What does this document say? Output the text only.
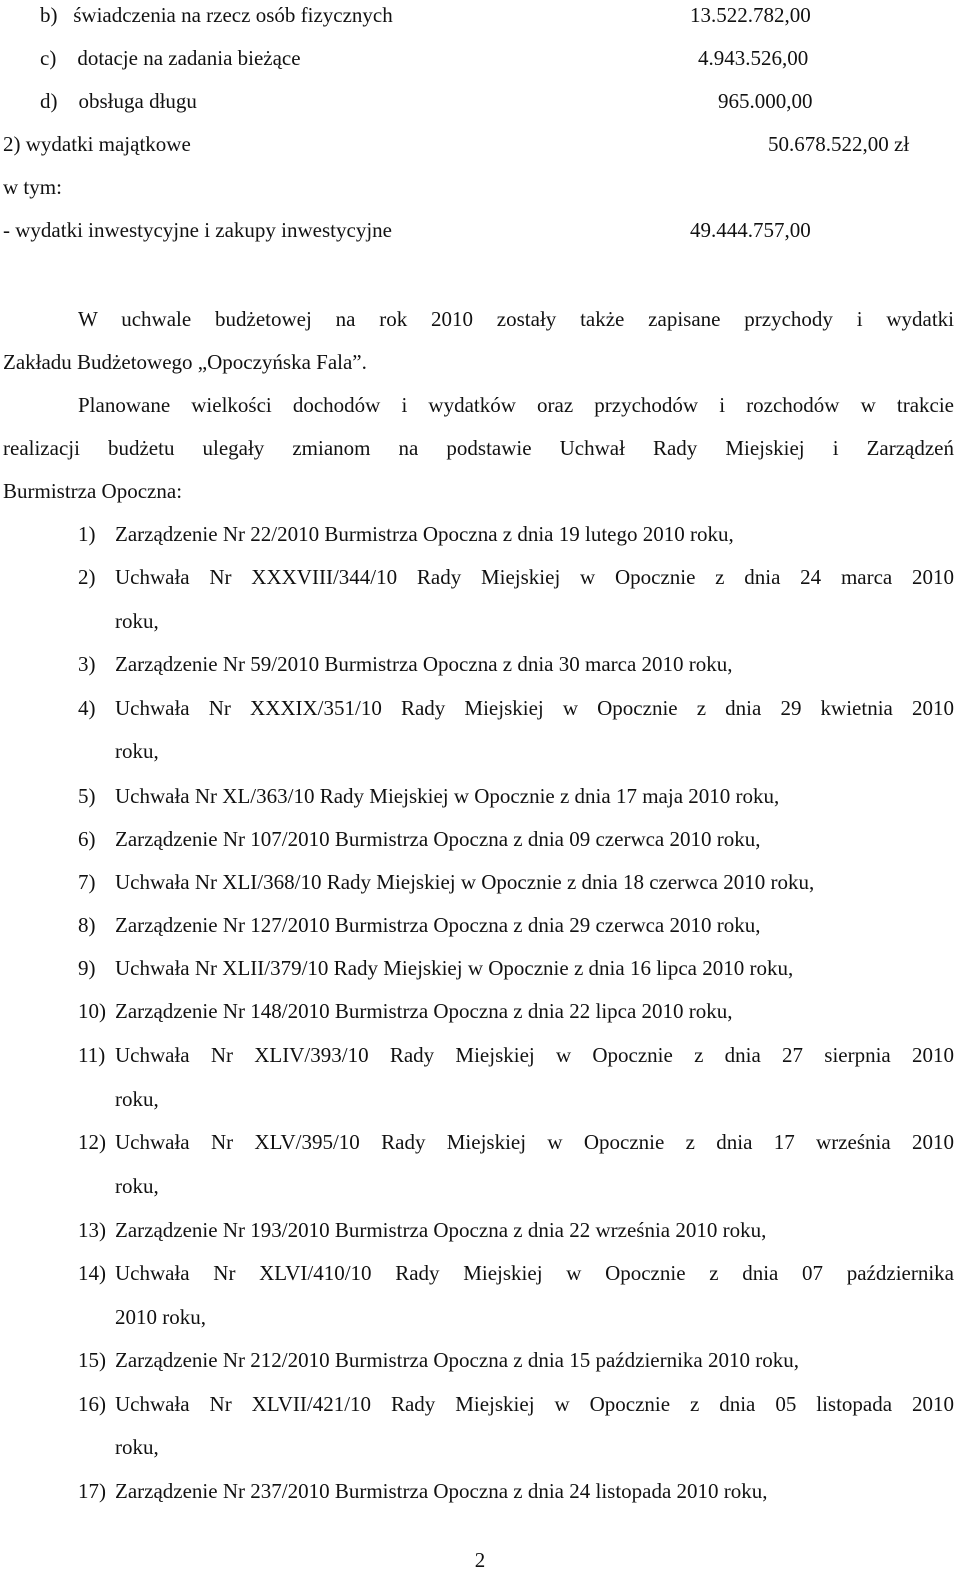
b)   świadczenia na rzecz osób fizycznych	13.522.782,00
c)    dotacje na zadania bieżące	4.943.526,00
d)    obsługa długu	965.000,00
2) wydatki majątkowe	50.678.522,00 zł
w tym:
- wydatki inwestycyjne i zakupy inwestycyjne	49.444.757,00
W uchwale budżetowej na rok 2010 zostały także zapisane przychody i wydatki
Zakładu Budżetowego „Opoczyńska Fala”.
Planowane wielkości dochodów i wydatków oraz przychodów i rozchodów w trakcie
realizacji budżetu ulegały zmianom na podstawie Uchwał Rady Miejskiej i Zarządzeń
Burmistrza Opoczna:
1) Zarządzenie Nr 22/2010 Burmistrza Opoczna z dnia 19 lutego 2010 roku,
2) Uchwała Nr XXXVIII/344/10 Rady Miejskiej w Opocznie z dnia 24 marca 2010
roku,
3) Zarządzenie Nr 59/2010 Burmistrza Opoczna z dnia 30 marca 2010 roku,
4) Uchwała Nr XXXIX/351/10 Rady Miejskiej w Opocznie z dnia 29 kwietnia 2010
roku,
5) Uchwała Nr XL/363/10 Rady Miejskiej w Opocznie z dnia 17 maja 2010 roku,
6) Zarządzenie Nr 107/2010 Burmistrza Opoczna z dnia 09 czerwca 2010 roku,
7) Uchwała Nr XLI/368/10 Rady Miejskiej w Opocznie z dnia 18 czerwca 2010 roku,
8) Zarządzenie Nr 127/2010 Burmistrza Opoczna z dnia 29 czerwca 2010 roku,
9) Uchwała Nr XLII/379/10 Rady Miejskiej w Opocznie z dnia 16 lipca 2010 roku,
10) Zarządzenie Nr 148/2010 Burmistrza Opoczna z dnia 22 lipca 2010 roku,
11) Uchwała Nr XLIV/393/10 Rady Miejskiej w Opocznie z dnia 27 sierpnia 2010
roku,
12) Uchwała Nr XLV/395/10 Rady Miejskiej w Opocznie z dnia 17 września 2010
roku,
13) Zarządzenie Nr 193/2010 Burmistrza Opoczna z dnia 22 września 2010 roku,
14) Uchwała Nr XLVI/410/10 Rady Miejskiej w Opocznie z dnia 07 października
2010 roku,
15) Zarządzenie Nr 212/2010 Burmistrza Opoczna z dnia 15 października 2010 roku,
16) Uchwała Nr XLVII/421/10 Rady Miejskiej w Opocznie z dnia 05 listopada 2010
roku,
17) Zarządzenie Nr 237/2010 Burmistrza Opoczna z dnia 24 listopada 2010 roku,
2
